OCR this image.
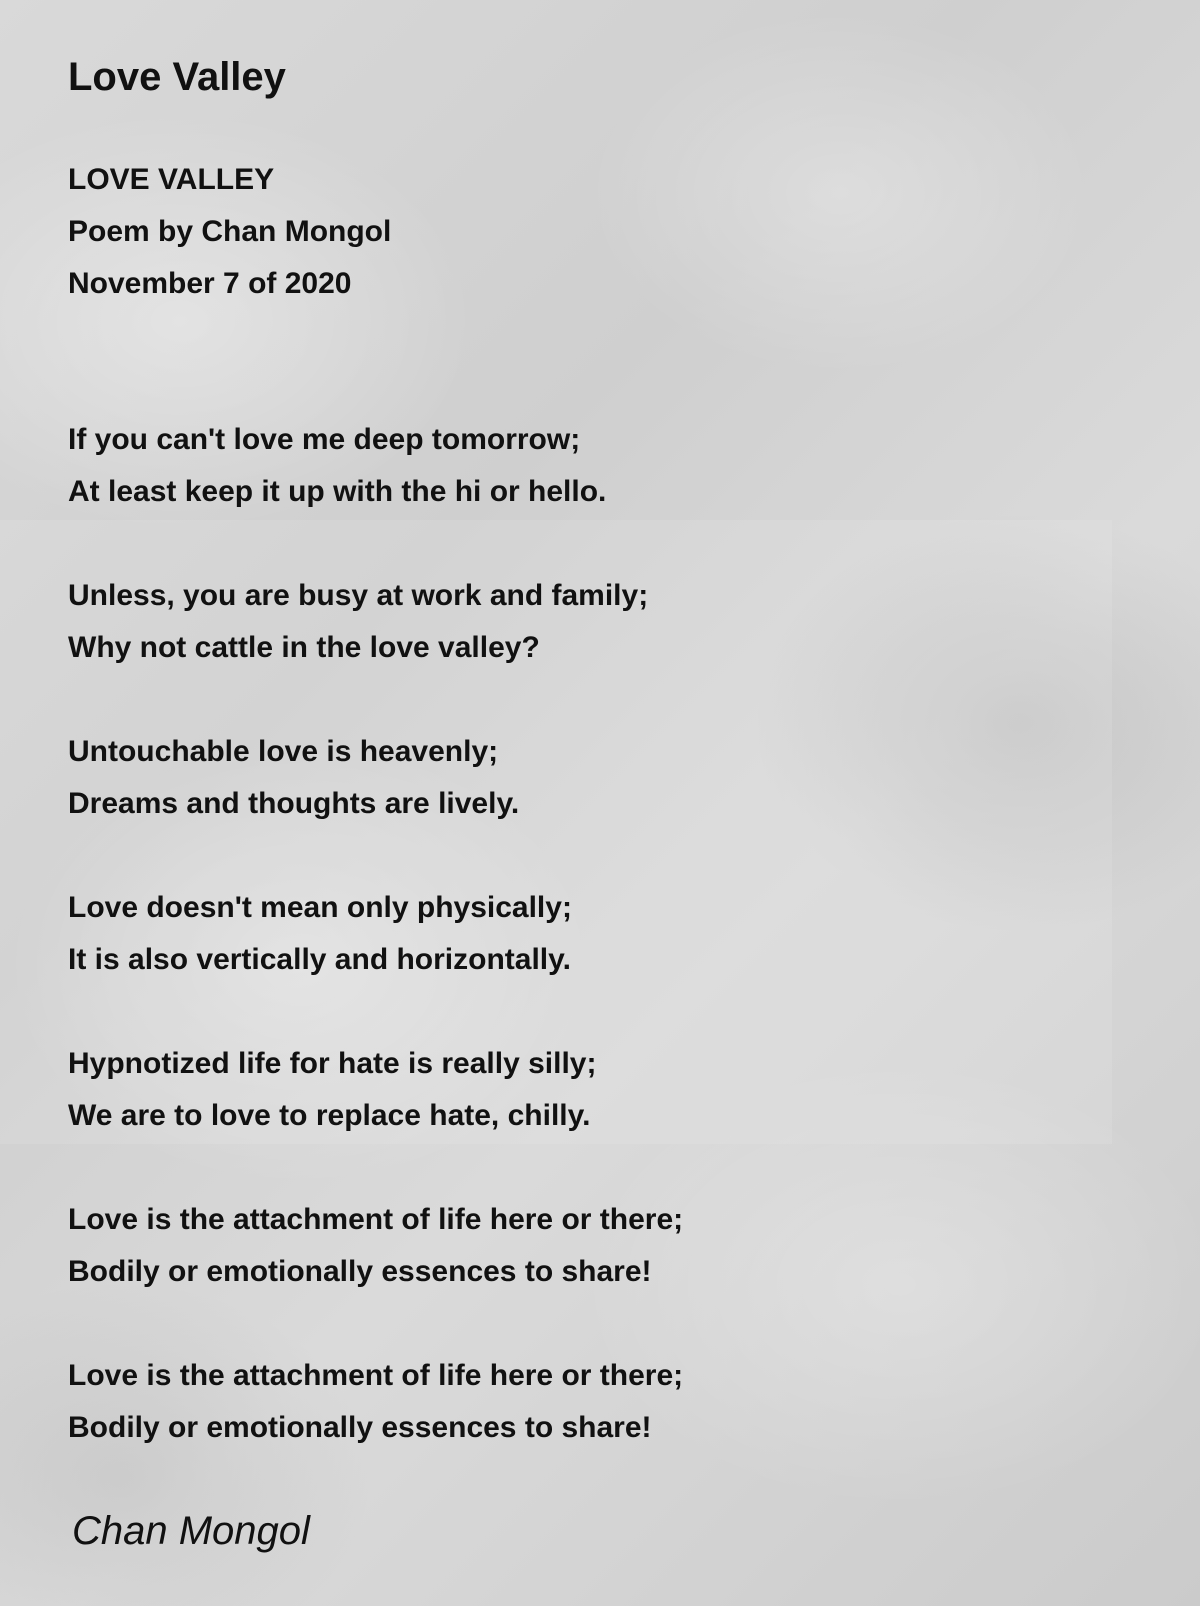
Love Valley
LOVE VALLEY
Poem by Chan Mongol
November 7 of 2020
If you can't love me deep tomorrow;
At least keep it up with the hi or hello.
Unless, you are busy at work and family;
Why not cattle in the love valley?
Untouchable love is heavenly;
Dreams and thoughts are lively.
Love doesn't mean only physically;
It is also vertically and horizontally.
Hypnotized life for hate is really silly;
We are to love to replace hate, chilly.
Love is the attachment of life here or there;
Bodily or emotionally essences to share!
Love is the attachment of life here or there;
Bodily or emotionally essences to share!
Chan Mongol
